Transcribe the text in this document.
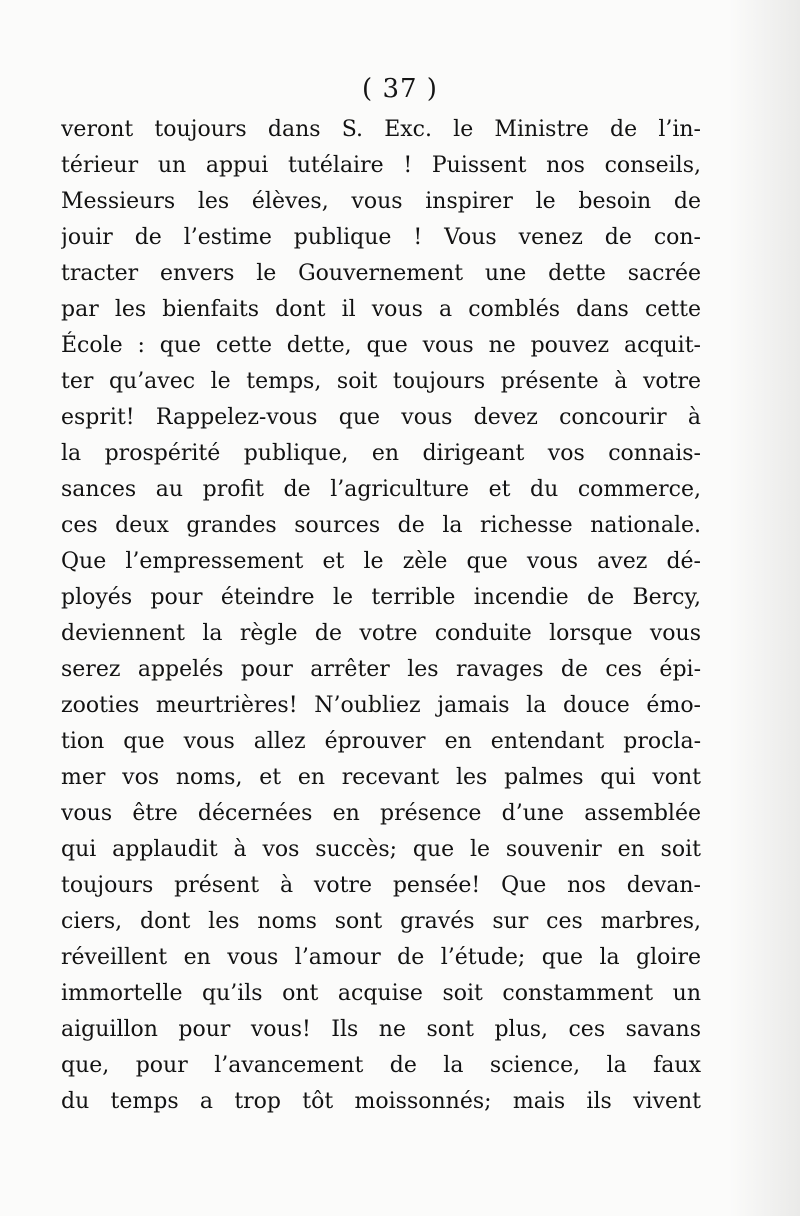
( 37 )
veront toujours dans S. Exc. le Ministre de l’in-
térieur un appui tutélaire ! Puissent nos conseils,
Messieurs les élèves, vous inspirer le besoin de
jouir de l’estime publique ! Vous venez de con-
tracter envers le Gouvernement une dette sacrée
par les bienfaits dont il vous a comblés dans cette
École : que cette dette, que vous ne pouvez acquit-
ter qu’avec le temps, soit toujours présente à votre
esprit! Rappelez-vous que vous devez concourir à
la prospérité publique, en dirigeant vos connais-
sances au profit de l’agriculture et du commerce,
ces deux grandes sources de la richesse nationale.
Que l’empressement et le zèle que vous avez dé-
ployés pour éteindre le terrible incendie de Bercy,
deviennent la règle de votre conduite lorsque vous
serez appelés pour arrêter les ravages de ces épi-
zooties meurtrières! N’oubliez jamais la douce émo-
tion que vous allez éprouver en entendant procla-
mer vos noms, et en recevant les palmes qui vont
vous être décernées en présence d’une assemblée
qui applaudit à vos succès; que le souvenir en soit
toujours présent à votre pensée! Que nos devan-
ciers, dont les noms sont gravés sur ces marbres,
réveillent en vous l’amour de l’étude; que la gloire
immortelle qu’ils ont acquise soit constamment un
aiguillon pour vous! Ils ne sont plus, ces savans
que, pour l’avancement de la science, la faux
du temps a trop tôt moissonnés; mais ils vivent
